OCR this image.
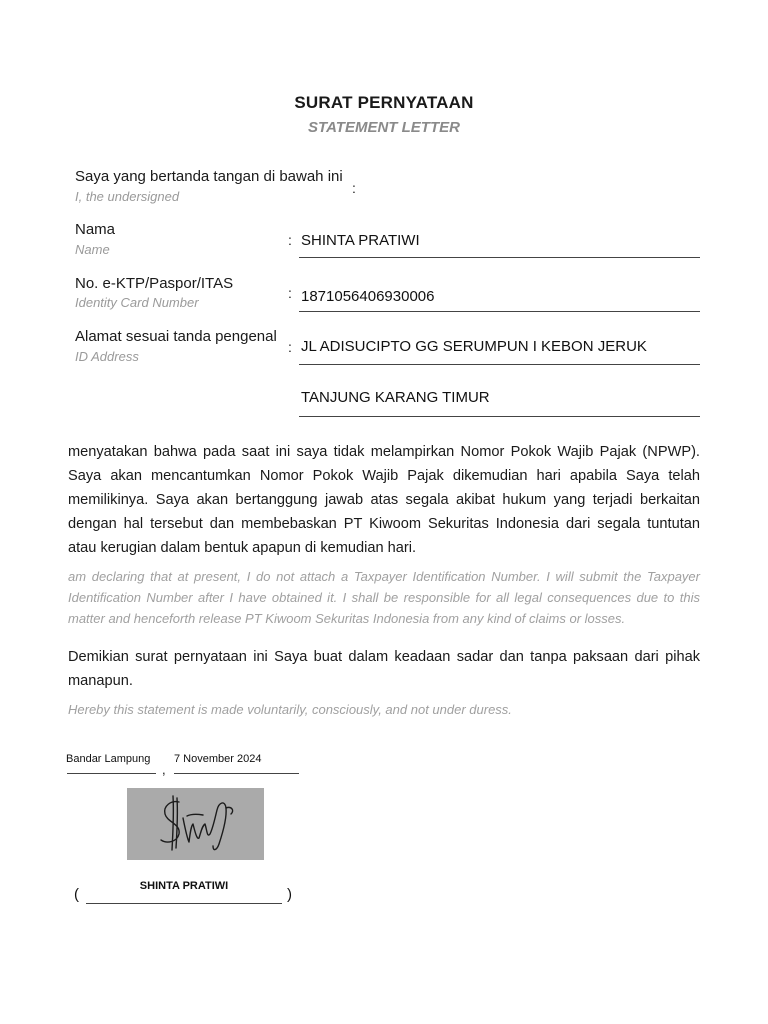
SURAT PERNYATAAN
STATEMENT LETTER
Saya yang bertanda tangan di bawah ini
I, the undersigned
:
Nama
Name
: SHINTA PRATIWI
No. e-KTP/Paspor/ITAS
Identity Card Number
: 1871056406930006
Alamat sesuai tanda pengenal
ID Address
: JL ADISUCIPTO GG SERUMPUN I KEBON JERUK
TANJUNG KARANG TIMUR
menyatakan bahwa pada saat ini saya tidak melampirkan Nomor Pokok Wajib Pajak (NPWP). Saya akan mencantumkan Nomor Pokok Wajib Pajak dikemudian hari apabila Saya telah memilikinya. Saya akan bertanggung jawab atas segala akibat hukum yang terjadi berkaitan dengan hal tersebut dan membebaskan PT Kiwoom Sekuritas Indonesia dari segala tuntutan atau kerugian dalam bentuk apapun di kemudian hari.
am declaring that at present, I do not attach a Taxpayer Identification Number. I will submit the Taxpayer Identification Number after I have obtained it. I shall be responsible for all legal consequences due to this matter and henceforth release PT Kiwoom Sekuritas Indonesia from any kind of claims or losses.
Demikian surat pernyataan ini Saya buat dalam keadaan sadar dan tanpa paksaan dari pihak manapun.
Hereby this statement is made voluntarily, consciously, and not under duress.
Bandar Lampung
,
7 November 2024
(	SHINTA PRATIWI	)
